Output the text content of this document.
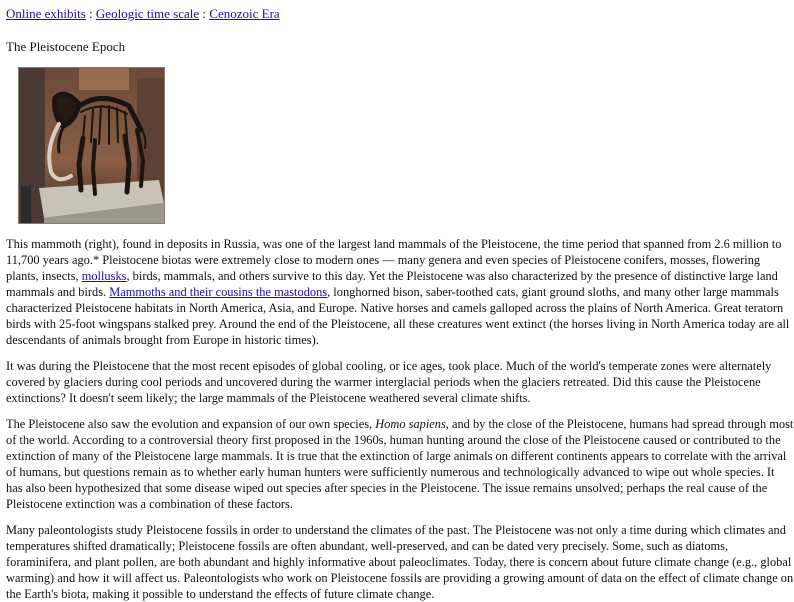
Online exhibits : Geologic time scale : Cenozoic Era
The Pleistocene Epoch

This mammoth (right), found in deposits in Russia, was one of the largest land mammals of the Pleistocene, the time period that spanned from 2.6 million to 11,700 years ago.* Pleistocene biotas were extremely close to modern ones — many genera and even species of Pleistocene conifers, mosses, flowering plants, insects, mollusks, birds, mammals, and others survive to this day. Yet the Pleistocene was also characterized by the presence of distinctive large land mammals and birds. Mammoths and their cousins the mastodons, longhorned bison, saber-toothed cats, giant ground sloths, and many other large mammals characterized Pleistocene habitats in North America, Asia, and Europe. Native horses and camels galloped across the plains of North America. Great teratorn birds with 25-foot wingspans stalked prey. Around the end of the Pleistocene, all these creatures went extinct (the horses living in North America today are all descendants of animals brought from Europe in historic times).

It was during the Pleistocene that the most recent episodes of global cooling, or ice ages, took place. Much of the world's temperate zones were alternately covered by glaciers during cool periods and uncovered during the warmer interglacial periods when the glaciers retreated. Did this cause the Pleistocene extinctions? It doesn't seem likely; the large mammals of the Pleistocene weathered several climate shifts.

The Pleistocene also saw the evolution and expansion of our own species, Homo sapiens, and by the close of the Pleistocene, humans had spread through most of the world. According to a controversial theory first proposed in the 1960s, human hunting around the close of the Pleistocene caused or contributed to the extinction of many of the Pleistocene large mammals. It is true that the extinction of large animals on different continents appears to correlate with the arrival of humans, but questions remain as to whether early human hunters were sufficiently numerous and technologically advanced to wipe out whole species. It has also been hypothesized that some disease wiped out species after species in the Pleistocene. The issue remains unsolved; perhaps the real cause of the Pleistocene extinction was a combination of these factors.

Many paleontologists study Pleistocene fossils in order to understand the climates of the past. The Pleistocene was not only a time during which climates and temperatures shifted dramatically; Pleistocene fossils are often abundant, well-preserved, and can be dated very precisely. Some, such as diatoms, foraminifera, and plant pollen, are both abundant and highly informative about paleoclimates. Today, there is concern about future climate change (e.g., global warming) and how it will affect us. Paleontologists who work on Pleistocene fossils are providing a growing amount of data on the effect of climate change on the Earth's biota, making it possible to understand the effects of future climate change.
